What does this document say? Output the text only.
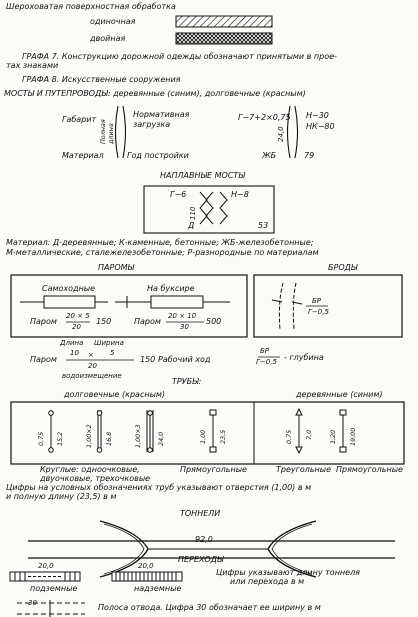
Шероховатая поверхностная обработка
одиночная
двойная
ГРАФА 7. Конструкцию дорожной одежды обозначают принятыми в пpoe-
тах знаками
ГРАФА 8. Искусственные сооружения
МОСТЫ И ПУТЕПРОВОДЫ: деревянные (синим), долговечные (красным)
Габарит
Нормативная
загрузка
Полная длина
Материал	Год постройки
Г−7+2×0,75
24,0
Н−30
НК−80
ЖБ	79
НАПЛАВНЫЕ МОСТЫ
Г−6	Н−8
110
Д	53
Материал: Д-деревянные; К-каменные, бетонные; ЖБ-железобетонные;
М-металлические, сталежелезобетонные; Р-разнородные по материалам
ПАРОМЫ
Самоходные	На буксире
Паром
20 × 5
20
150	Паром
20 × 10
30
500
БРОДЫ
БР
Г−0,5
Длина Ширина
Паром
10 × 5
20
150 Рабочий ход
водоизмещение
БР
Г−0,5 - глубина
ТРУБЫ:
долговечные (красным)	деревянные (синим)
0,75 15,2	1,00×2 16,8	1,00×3 24,0	1,00 23,5	0,75 7,0	1,20 19,00
Круглые: одноочковые,
двуочковые, трехочковые
Прямоугольные	Треугольные Прямоугольные
Цифры на условных обозначениях труб указывают отверстия (1,00) в м
и полную длину (23,5) в м
ТОННЕЛИ
92,0
ПЕРЕХОДЫ
20,0	20,0
подземные	надземные
Цифры указывают длину тоннеля
или перехода в м
30	Полоса отвода. Цифра 30 обозначает ее ширину в м
